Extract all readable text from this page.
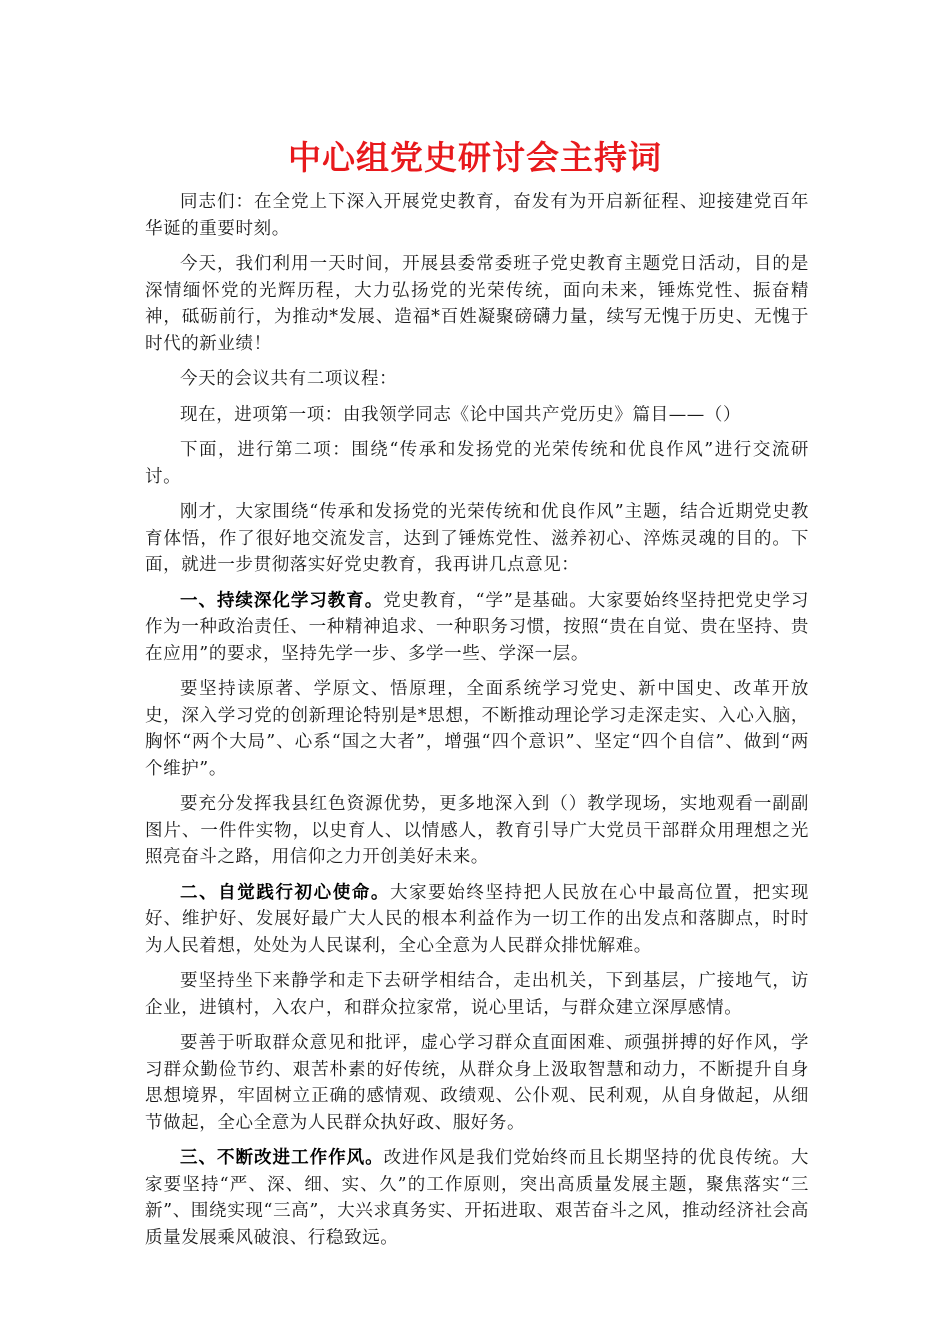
中心组党史研讨会主持词

同志们：在全党上下深入开展党史教育，奋发有为开启新征程、迎接建党百年华诞的重要时刻。

今天，我们利用一天时间，开展县委常委班子党史教育主题党日活动，目的是深情缅怀党的光辉历程，大力弘扬党的光荣传统，面向未来，锤炼党性、振奋精神，砥砺前行，为推动*发展、造福*百姓凝聚磅礴力量，续写无愧于历史、无愧于时代的新业绩！

今天的会议共有二项议程：

现在，进项第一项：由我领学同志《论中国共产党历史》篇目——（）

下面，进行第二项：围绕“传承和发扬党的光荣传统和优良作风”进行交流研讨。

刚才，大家围绕“传承和发扬党的光荣传统和优良作风”主题，结合近期党史教育体悟，作了很好地交流发言，达到了锤炼党性、滋养初心、淬炼灵魂的目的。下面，就进一步贯彻落实好党史教育，我再讲几点意见：

一、持续深化学习教育。党史教育，“学”是基础。大家要始终坚持把党史学习作为一种政治责任、一种精神追求、一种职务习惯，按照“贵在自觉、贵在坚持、贵在应用”的要求，坚持先学一步、多学一些、学深一层。

要坚持读原著、学原文、悟原理，全面系统学习党史、新中国史、改革开放史，深入学习党的创新理论特别是*思想，不断推动理论学习走深走实、入心入脑，胸怀“两个大局”、心系“国之大者”，增强“四个意识”、坚定“四个自信”、做到“两个维护”。

要充分发挥我县红色资源优势，更多地深入到（）教学现场，实地观看一副副图片、一件件实物，以史育人、以情感人，教育引导广大党员干部群众用理想之光照亮奋斗之路，用信仰之力开创美好未来。

二、自觉践行初心使命。大家要始终坚持把人民放在心中最高位置，把实现好、维护好、发展好最广大人民的根本利益作为一切工作的出发点和落脚点，时时为人民着想，处处为人民谋利，全心全意为人民群众排忧解难。

要坚持坐下来静学和走下去研学相结合，走出机关，下到基层，广接地气，访企业，进镇村，入农户，和群众拉家常，说心里话，与群众建立深厚感情。

要善于听取群众意见和批评，虚心学习群众直面困难、顽强拼搏的好作风，学习群众勤俭节约、艰苦朴素的好传统，从群众身上汲取智慧和动力，不断提升自身思想境界，牢固树立正确的感情观、政绩观、公仆观、民利观，从自身做起，从细节做起，全心全意为人民群众执好政、服好务。

三、不断改进工作作风。改进作风是我们党始终而且长期坚持的优良传统。大家要坚持“严、深、细、实、久”的工作原则，突出高质量发展主题，聚焦落实“三新”、围绕实现“三高”，大兴求真务实、开拓进取、艰苦奋斗之风，推动经济社会高质量发展乘风破浪、行稳致远。
